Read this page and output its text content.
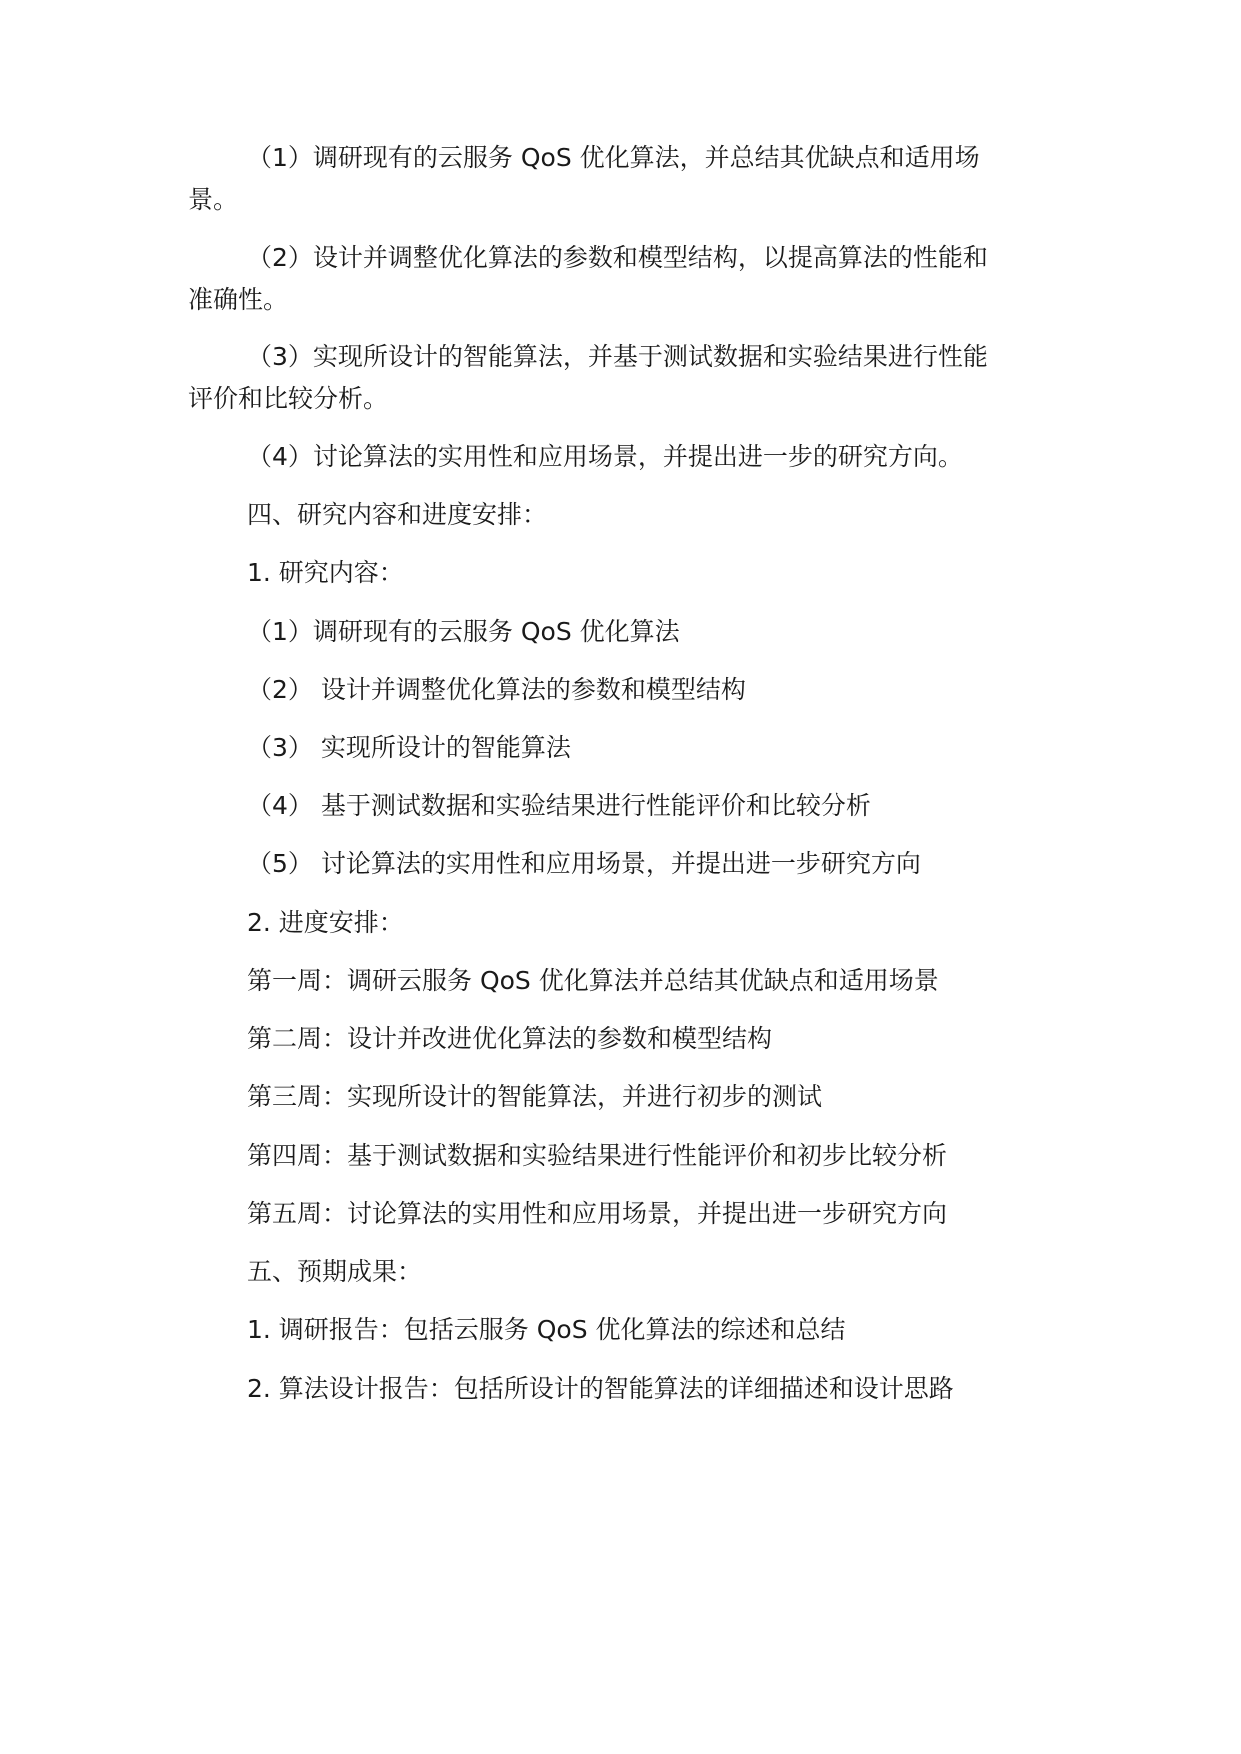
（1）调研现有的云服务 QoS 优化算法，并总结其优缺点和适用场
景。
（2）设计并调整优化算法的参数和模型结构，以提高算法的性能和
准确性。
（3）实现所设计的智能算法，并基于测试数据和实验结果进行性能
评价和比较分析。
（4）讨论算法的实用性和应用场景，并提出进一步的研究方向。
四、研究内容和进度安排：
1. 研究内容：
（1）调研现有的云服务 QoS 优化算法
（2） 设计并调整优化算法的参数和模型结构
（3） 实现所设计的智能算法
（4） 基于测试数据和实验结果进行性能评价和比较分析
（5） 讨论算法的实用性和应用场景，并提出进一步研究方向
2. 进度安排：
第一周：调研云服务 QoS 优化算法并总结其优缺点和适用场景
第二周：设计并改进优化算法的参数和模型结构
第三周：实现所设计的智能算法，并进行初步的测试
第四周：基于测试数据和实验结果进行性能评价和初步比较分析
第五周：讨论算法的实用性和应用场景，并提出进一步研究方向
五、预期成果：
1. 调研报告：包括云服务 QoS 优化算法的综述和总结
2. 算法设计报告：包括所设计的智能算法的详细描述和设计思路
